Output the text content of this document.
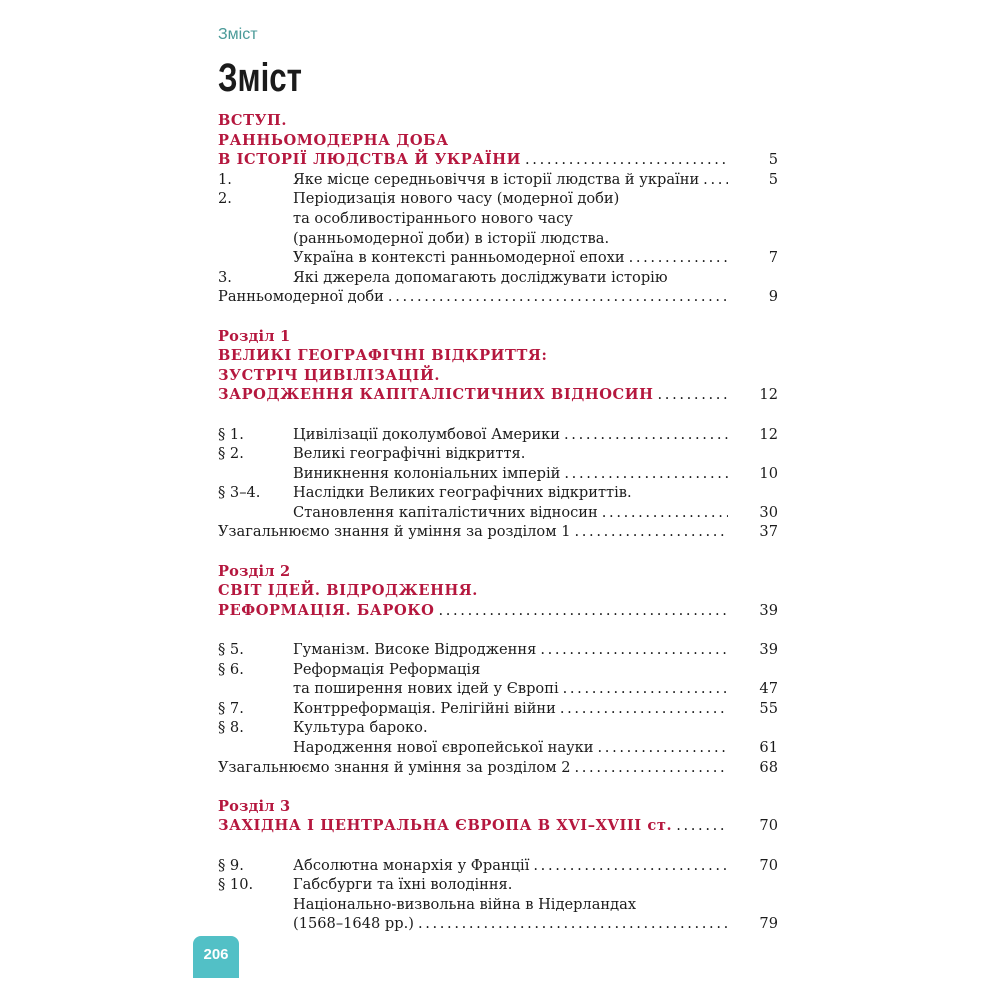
Зміст
Зміст
ВСТУП.
РАННЬОМОДЕРНА ДОБА
В ІСТОРІЇ ЛЮДСТВА Й УКРАЇНИ . . .	5
1.	Яке місце середньовіччя в історії людства й україни . . .	5
2.	Періодизація нового часу (модерної доби)
та особливостіраннього нового часу
(ранньомодерної доби) в історії людства.
Україна в контексті ранньомодерної епохи . . .	7
3.	Які джерела допомагають досліджувати історію
Ранньомодерної доби . . .	9
Розділ 1
ВЕЛИКІ ГЕОГРАФІЧНІ ВІДКРИТТЯ:
ЗУСТРІЧ ЦИВІЛІЗАЦІЙ.
ЗАРОДЖЕННЯ КАПІТАЛІСТИЧНИХ ВІДНОСИН . . .	12
§ 1.	Цивілізації доколумбової Америки . . .	12
§ 2.	Великі географічні відкриття.
Виникнення колоніальних імперій . . .	10
§ 3–4. Наслідки Великих географічних відкриттів.
Становлення капіталістичних відносин . . .	30
Узагальнюємо знання й уміння за розділом 1 . . .	37
Розділ 2
СВІТ ІДЕЙ. ВІДРОДЖЕННЯ.
РЕФОРМАЦІЯ. БАРОКО . . .	39
§ 5.	Гуманізм. Високе Відродження . . .	39
§ 6.	Реформація Реформація
та поширення нових ідей у Європі . . .	47
§ 7.	Контрреформація. Релігійні війни . . .	55
§ 8.	Культура бароко.
Народження нової європейської науки . . .	61
Узагальнюємо знання й уміння за розділом 2 . . .	68
Розділ 3
ЗАХІДНА І ЦЕНТРАЛЬНА ЄВРОПА В XVI–XVIII ст. . . .	70
§ 9.	Абсолютна монархія у Франції . . .	70
§ 10.	Габсбурги та їхні володіння.
Національно-визвольна війна в Нідерландах
(1568–1648 рр.) . . .	79
206
